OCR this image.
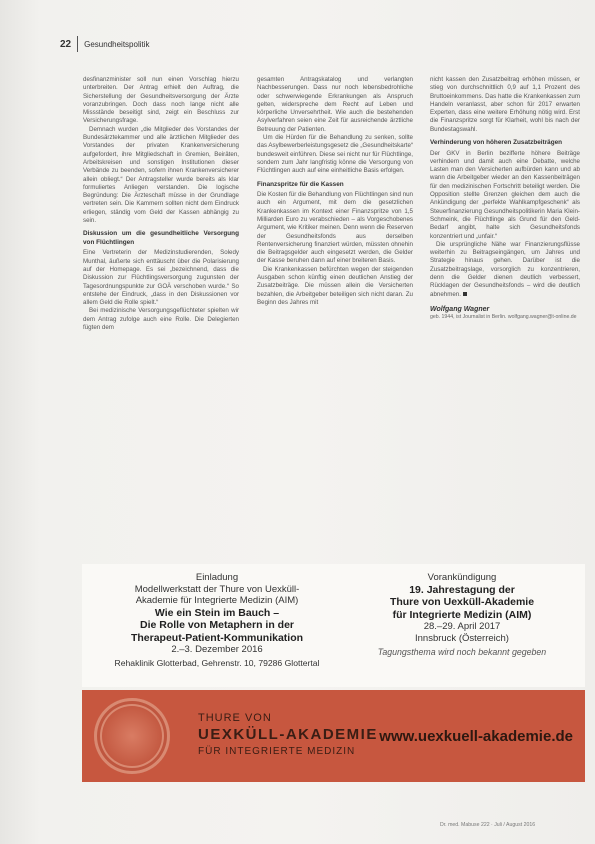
22 Gesundheitspolitik

desfinanzminister soll nun einen Vorschlag hierzu unterbreiten. Der Antrag erhielt den Auftrag, die Sicherstellung der Gesundheitsversorgung der Ärzte voranzubringen. Doch dass noch lange nicht alle Missstände beseitigt sind, zeigt ein Beschluss zur Versicherungsfrage.

Demnach wurden „die Mitglieder des Vorstandes der Bundesärztekammer und alle ärztlichen Mitglieder des Vorstandes der privaten Krankenversicherung aufgefordert, ihre Mitgliedschaft in Gremien, Beiräten, Arbeitskreisen und sonstigen Institutionen dieser Verbände zu beenden, sofern ihnen Krankenversicherer allein obliegt.“ Der Antragsteller wurde bereits als klar formuliertes Anliegen verstanden. Die logische Begründung: Die Ärzteschaft müsse in der Grundlage vertreten sein. Die Kammern sollten nicht dem Eindruck erliegen, ständig vom Geld der Kassen abhängig zu sein.

Diskussion um die gesundheitliche Versorgung von Flüchtlingen

Eine Vertreterin der Medizinstudierenden, Soledy Munthal, äußerte sich enttäuscht über die Polarisierung auf der Homepage. Es sei „bezeichnend, dass die Diskussion zur Flüchtlingsversorgung zugunsten der Tagesordnungspunkte zur GOÄ verschoben wurde.“ So entstehe der Eindruck, „dass in den Diskussionen vor allem Geld die Rolle spielt.“

Bei medizinische Versorgungsgeflüchteter spielten wir dem Antrag zufolge auch eine Rolle. Die Delegierten fügten dem

gesamten Antragskatalog und verlangten Nachbesserungen. Dass nur noch lebensbedrohliche oder schwerwiegende Erkrankungen als Anspruch gelten, widerspreche dem Recht auf Leben und körperliche Unversehrtheit. Wie auch die bestehenden Asylverfahren seien eine Zeit für ausreichende ärztliche Betreuung der Patienten.

Um die Hürden für die Behandlung zu senken, sollte das Asylbewerberleistungsgesetz die „Gesundheitskarte“ bundesweit einführen. Diese sei nicht nur für Flüchtlinge, sondern zum Jahr langfristig könne die Versorgung von Flüchtlingen auch auf eine einheitliche Basis erfolgen.

Finanzspritze für die Kassen

Die Kosten für die Behandlung von Flüchtlingen sind nun auch ein Argument, mit dem die gesetzlichen Krankenkassen im Kontext einer Finanzspritze von 1,5 Milliarden Euro zu verabschieden – als Vorgeschobenes Argument, wie Kritiker meinen. Denn wenn die Reserven der Gesundheitsfonds aus derselben Rentenversicherung finanziert würden, müssten ohnehin die Beitragsgelder auch eingesetzt werden, die Gelder der Kasse beruhen dann auf einer breiteren Basis.

Die Krankenkassen befürchten wegen der steigenden Ausgaben schon künftig einen deutlichen Anstieg der Zusatzbeiträge. Die müssen allein die Versicherten bezahlen, die Arbeitgeber beteiligen sich nicht daran. Zu Beginn des Jahres mit

nicht kassen den Zusatzbeitrag erhöhen müssen, er stieg von durchschnittlich 0,9 auf 1,1 Prozent des Bruttoeinkommens. Das hatte die Krankenkassen zum Handeln veranlasst, aber schon für 2017 erwarten Experten, dass eine weitere Erhöhung nötig wird. Erst die Finanzspritze sorgt für Klarheit, wohl bis nach der Bundestagswahl.

Verhinderung von höheren Zusatzbeiträgen

Der GKV in Berlin bezifferte höhere Beiträge verhindern und damit auch eine Debatte, welche Lasten man den Versicherten aufbürden kann und ab wann die Arbeitgeber wieder an den Kassenbeiträgen für den medizinischen Fortschritt beteiligt werden. Die Opposition stellte Grenzen gleichen dem auch die Ankündigung der „perfekte Wahlkampfgeschenk“ als Steuerfinanzierung Gesundheitspolitikerin Maria Klein-Schmeink, die Flüchtlinge als Grund für den Geld-Bedarf angibt, halte sich Gesundheitsfonds konzentriert und „unfair.“

Die ursprüngliche Nähe war Finanzierungsflüsse weiterhin zu Beitragseingängen, um Jahres und Strategie hinaus gehen. Darüber ist die Zusatzbeitragslage, vorsorglich zu konzentrieren, denn die Gelder dienen deutlich verbessert, Rücklagen der Gesundheitsfonds – wird die deutlich abnehmen.

Wolfgang Wagner
geb. 1944, ist Journalist in Berlin. wolfgang.wagner@t-online.de
Einladung
Modellwerkstatt der Thure von Uexküll-
Akademie für Integrierte Medizin (AIM)
Wie ein Stein im Bauch –
Die Rolle von Metaphern in der
Therapeut-Patient-Kommunikation
2.–3. Dezember 2016
Rehaklinik Glotterbad, Gehrenstr. 10, 79286 Glottertal
Vorankündigung
19. Jahrestagung der
Thure von Uexküll-Akademie
für Integrierte Medizin (AIM)
28.–29. April 2017
Innsbruck (Österreich)
Tagungsthema wird noch bekannt gegeben
THURE VON
UEXKÜLL-AKADEMIE
FÜR INTEGRIERTE MEDIZIN
www.uexkuell-akademie.de
Dr. med. Mabuse 222 · Juli / August 2016
